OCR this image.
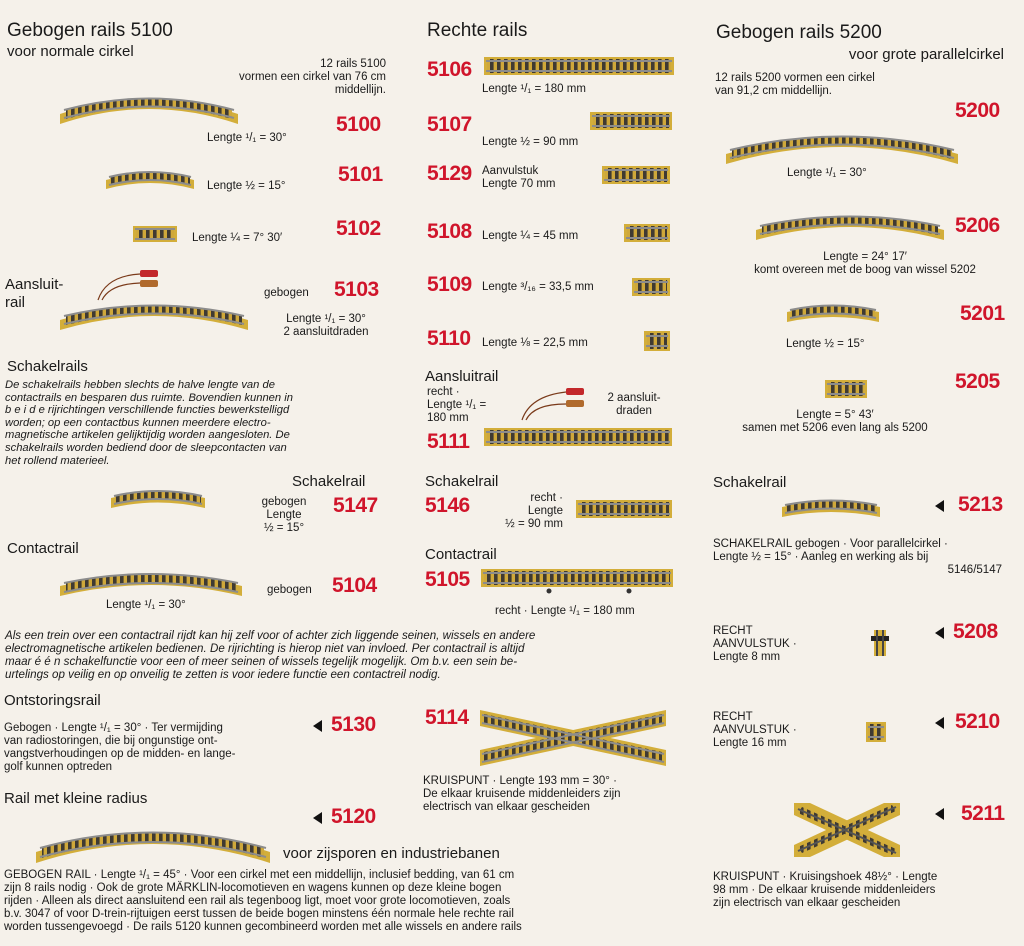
Gebogen rails 5100
voor normale cirkel
12 rails 5100
vormen een cirkel van 76 cm
middellijn.
Lengte ¹/₁ = 30°
5100
Lengte ½ = 15°	5101
Lengte ¼ = 7° 30′	5102
Aansluit-
rail
gebogen 5103
Lengte ¹/₁ = 30°
2 aansluitdraden
Schakelrails
De schakelrails hebben slechts de halve lengte van de
contactrails en besparen dus ruimte. Bovendien kunnen in
b e i d e rijrichtingen verschillende functies bewerkstelligd
worden; op een contactbus kunnen meerdere electro-
magnetische artikelen gelijktijdig worden aangesloten. De
schakelrails worden bediend door de sleepcontacten van
het rollend materieel.
Schakelrail
gebogen
Lengte
½ = 15°
5147
Contactrail
Lengte ¹/₁ = 30°
gebogen 5104
Als een trein over een contactrail rijdt kan hij zelf voor of achter zich liggende seinen, wissels en andere
electromagnetische artikelen bedienen. De rijrichting is hierop niet van invloed. Per contactrail is altijd
maar é é n schakelfunctie voor een of meer seinen of wissels tegelijk mogelijk. Om b.v. een sein be-
urtelings op veilig en op onveilig te zetten is voor iedere functie een contactreil nodig.
Ontstoringsrail
Gebogen · Lengte ¹/₁ = 30° · Ter vermijding
van radiostoringen, die bij ongunstige ont-
vangstverhoudingen op de midden- en lange-
golf kunnen optreden
5130
Rail met kleine radius
5120
voor zijsporen en industriebanen
GEBOGEN RAIL · Lengte ¹/₁ = 45° · Voor een cirkel met een middellijn, inclusief bedding, van 61 cm
zijn 8 rails nodig · Ook de grote MÄRKLIN-locomotieven en wagens kunnen op deze kleine bogen
rijden · Alleen als direct aansluitend een rail als tegenboog ligt, moet voor grote locomotieven, zoals
b.v. 3047 of voor D-trein-rijtuigen eerst tussen de beide bogen minstens één normale hele rechte rail
worden tussengevoegd · De rails 5120 kunnen gecombineerd worden met alle wissels en andere rails
Rechte rails
5106
Lengte ¹/₁ = 180 mm
5107
Lengte ½ = 90 mm
5129 Aanvulstuk
Lengte 70 mm
5108 Lengte ¼ = 45 mm
5109 Lengte ³/₁₆ = 33,5 mm
5110 Lengte ⅛ = 22,5 mm
Aansluitrail
recht ·
Lengte ¹/₁ =
180 mm
2 aansluit-
draden
5111
Schakelrail
5146	recht ·
Lengte
½ = 90 mm
Contactrail
5105
recht · Lengte ¹/₁ = 180 mm
5114
KRUISPUNT · Lengte 193 mm = 30° ·
De elkaar kruisende middenleiders zijn
electrisch van elkaar gescheiden
Gebogen rails 5200
voor grote parallelcirkel
12 rails 5200 vormen een cirkel
van 91,2 cm middellijn.
5200
Lengte ¹/₁ = 30°
5206
Lengte = 24° 17′
komt overeen met de boog van wissel 5202
5201
Lengte ½ = 15°
5205
Lengte = 5° 43′
samen met 5206 even lang als 5200
Schakelrail
5213
SCHAKELRAIL gebogen · Voor parallelcirkel ·
Lengte ½ = 15° · Aanleg en werking als bij
5146/5147
RECHT
AANVULSTUK ·
Lengte 8 mm
5208
RECHT
AANVULSTUK ·
Lengte 16 mm
5210
5211
KRUISPUNT · Kruisingshoek 48½° · Lengte
98 mm · De elkaar kruisende middenleiders
zijn electrisch van elkaar gescheiden
